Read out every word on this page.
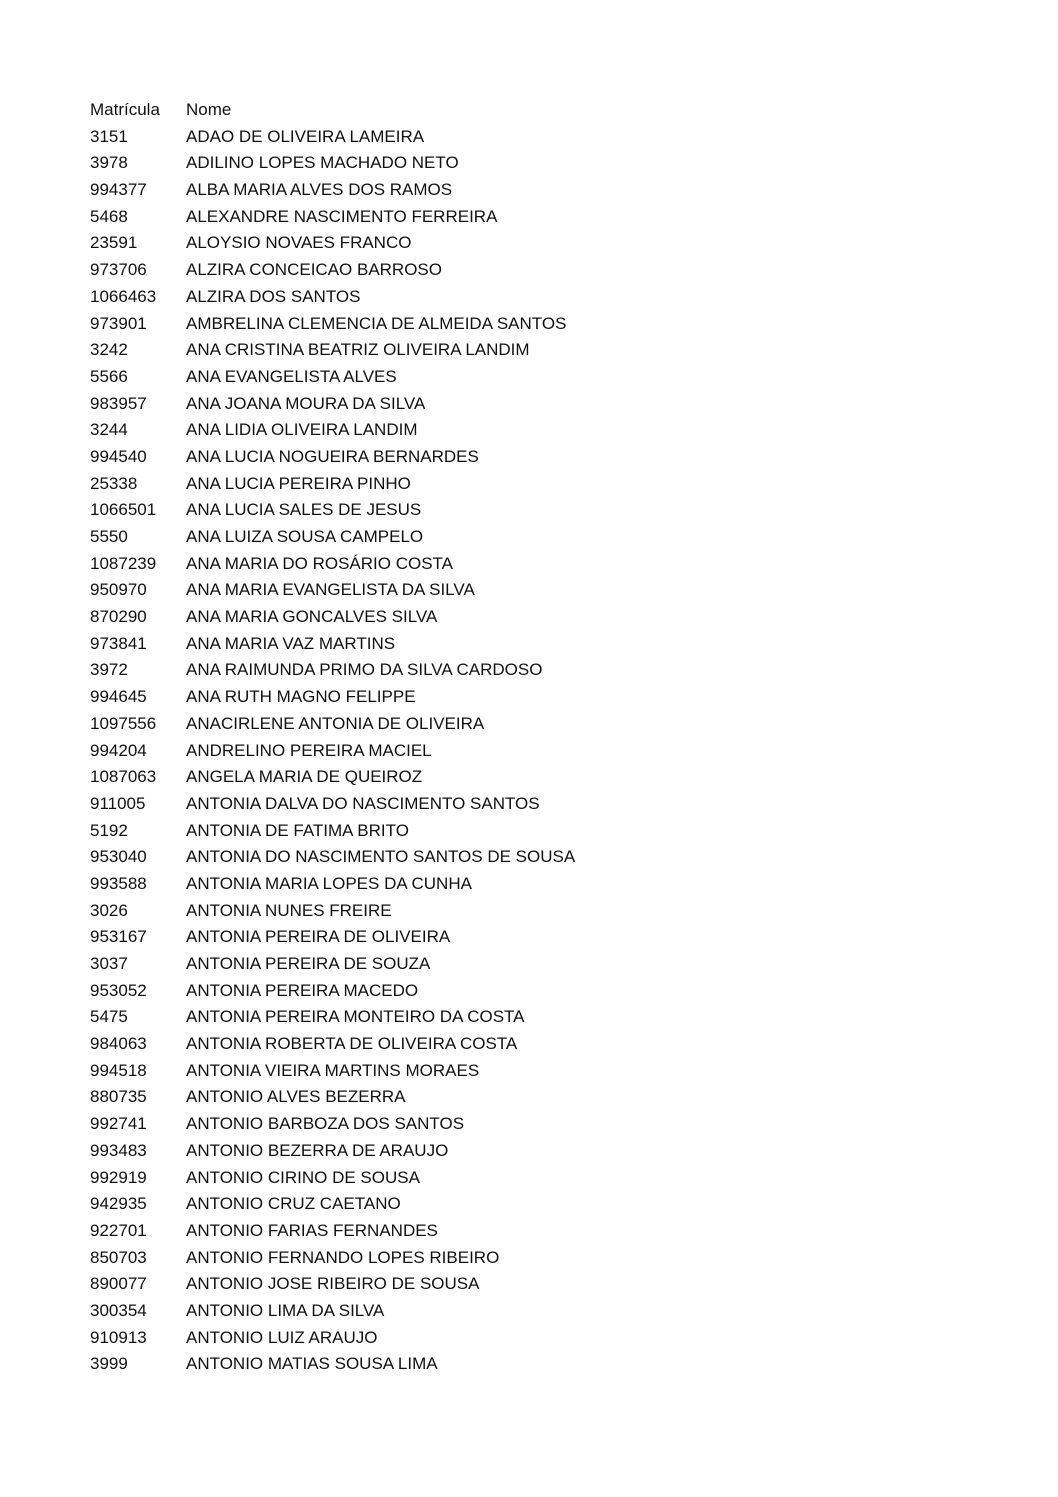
Matrícula	Nome
3151	ADAO DE OLIVEIRA LAMEIRA
3978	ADILINO LOPES MACHADO NETO
994377	ALBA MARIA ALVES DOS RAMOS
5468	ALEXANDRE NASCIMENTO FERREIRA
23591	ALOYSIO NOVAES FRANCO
973706	ALZIRA CONCEICAO BARROSO
1066463	ALZIRA DOS SANTOS
973901	AMBRELINA CLEMENCIA DE ALMEIDA SANTOS
3242	ANA CRISTINA BEATRIZ OLIVEIRA LANDIM
5566	ANA EVANGELISTA ALVES
983957	ANA JOANA MOURA DA SILVA
3244	ANA LIDIA OLIVEIRA LANDIM
994540	ANA LUCIA NOGUEIRA BERNARDES
25338	ANA LUCIA PEREIRA PINHO
1066501	ANA LUCIA SALES DE JESUS
5550	ANA LUIZA SOUSA CAMPELO
1087239	ANA MARIA DO ROSÁRIO COSTA
950970	ANA MARIA EVANGELISTA DA SILVA
870290	ANA MARIA GONCALVES SILVA
973841	ANA MARIA VAZ MARTINS
3972	ANA RAIMUNDA PRIMO DA SILVA CARDOSO
994645	ANA RUTH MAGNO FELIPPE
1097556	ANACIRLENE ANTONIA DE OLIVEIRA
994204	ANDRELINO PEREIRA MACIEL
1087063	ANGELA MARIA DE QUEIROZ
911005	ANTONIA DALVA DO NASCIMENTO SANTOS
5192	ANTONIA DE FATIMA BRITO
953040	ANTONIA DO NASCIMENTO SANTOS DE SOUSA
993588	ANTONIA MARIA LOPES DA CUNHA
3026	ANTONIA NUNES FREIRE
953167	ANTONIA PEREIRA DE OLIVEIRA
3037	ANTONIA PEREIRA DE SOUZA
953052	ANTONIA PEREIRA MACEDO
5475	ANTONIA PEREIRA MONTEIRO DA COSTA
984063	ANTONIA ROBERTA DE OLIVEIRA COSTA
994518	ANTONIA VIEIRA MARTINS MORAES
880735	ANTONIO ALVES BEZERRA
992741	ANTONIO BARBOZA DOS SANTOS
993483	ANTONIO BEZERRA DE ARAUJO
992919	ANTONIO CIRINO DE SOUSA
942935	ANTONIO CRUZ CAETANO
922701	ANTONIO FARIAS FERNANDES
850703	ANTONIO FERNANDO LOPES RIBEIRO
890077	ANTONIO JOSE RIBEIRO DE SOUSA
300354	ANTONIO LIMA DA SILVA
910913	ANTONIO LUIZ ARAUJO
3999	ANTONIO MATIAS SOUSA LIMA
